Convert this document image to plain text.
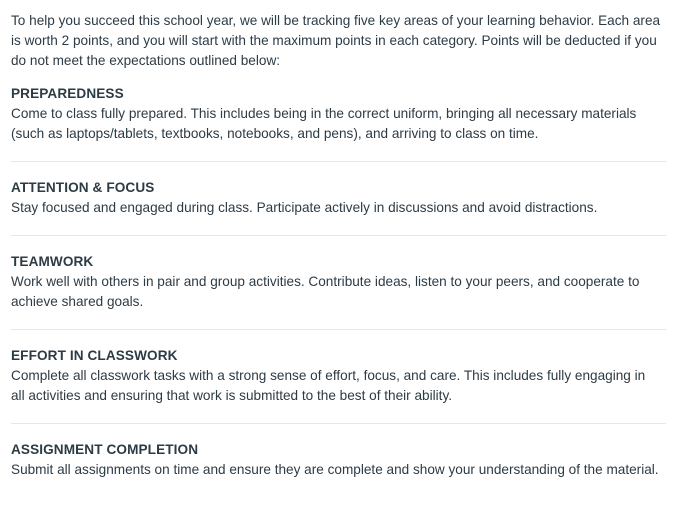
To help you succeed this school year, we will be tracking five key areas of your learning behavior. Each area is worth 2 points, and you will start with the maximum points in each category. Points will be deducted if you do not meet the expectations outlined below:

PREPAREDNESS

Come to class fully prepared. This includes being in the correct uniform, bringing all necessary materials (such as laptops/tablets, textbooks, notebooks, and pens), and arriving to class on time.

ATTENTION & FOCUS

Stay focused and engaged during class. Participate actively in discussions and avoid distractions.

TEAMWORK

Work well with others in pair and group activities. Contribute ideas, listen to your peers, and cooperate to achieve shared goals.

EFFORT IN CLASSWORK

Complete all classwork tasks with a strong sense of effort, focus, and care. This includes fully engaging in all activities and ensuring that work is submitted to the best of their ability.

ASSIGNMENT COMPLETION

Submit all assignments on time and ensure they are complete and show your understanding of the material.
